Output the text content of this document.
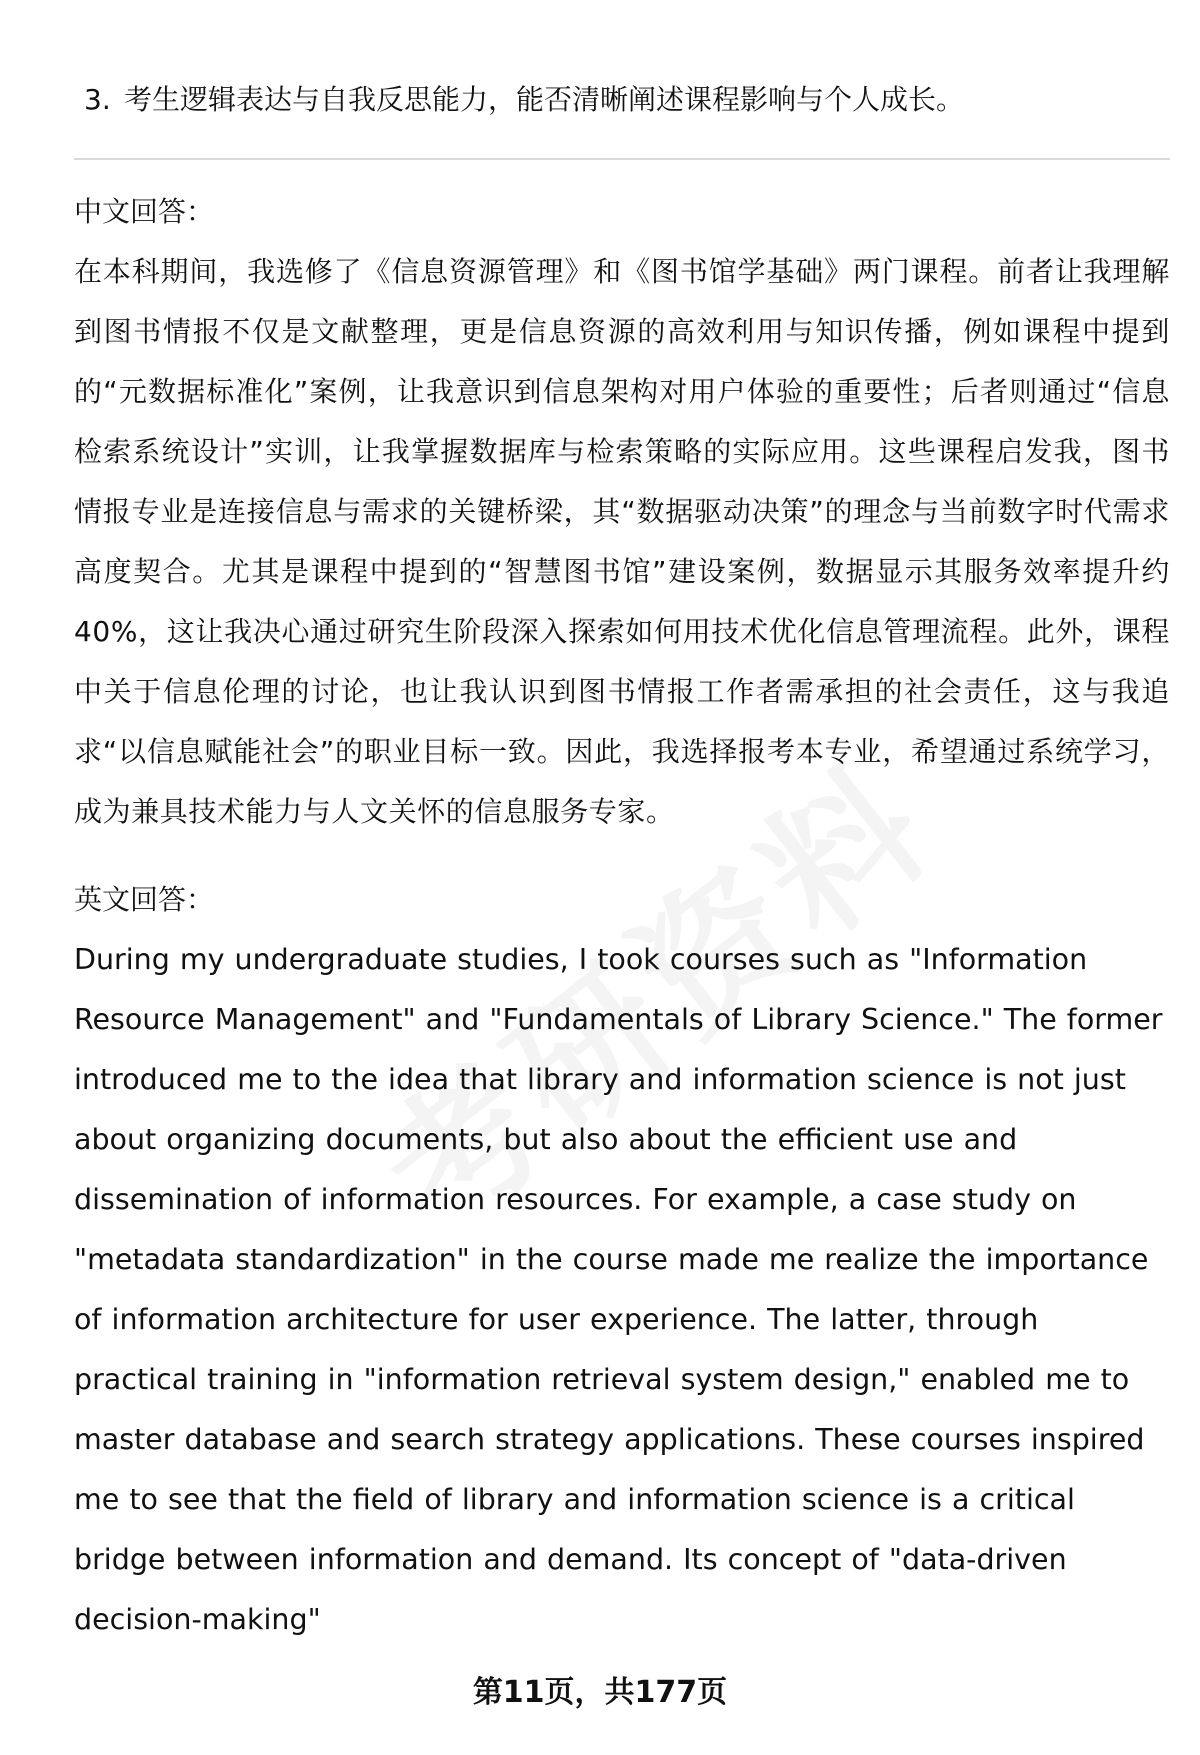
3. 考生逻辑表达与自我反思能力，能否清晰阐述课程影响与个人成长。
中文回答：
在本科期间，我选修了《信息资源管理》和《图书馆学基础》两门课程。前者让我理解到图书情报不仅是文献整理，更是信息资源的高效利用与知识传播，例如课程中提到的“元数据标准化”案例，让我意识到信息架构对用户体验的重要性；后者则通过“信息检索系统设计”实训，让我掌握数据库与检索策略的实际应用。这些课程启发我，图书情报专业是连接信息与需求的关键桥梁，其“数据驱动决策”的理念与当前数字时代需求高度契合。尤其是课程中提到的“智慧图书馆”建设案例，数据显示其服务效率提升约40%，这让我决心通过研究生阶段深入探索如何用技术优化信息管理流程。此外，课程中关于信息伦理的讨论，也让我认识到图书情报工作者需承担的社会责任，这与我追求“以信息赋能社会”的职业目标一致。因此，我选择报考本专业，希望通过系统学习，成为兼具技术能力与人文关怀的信息服务专家。
英文回答：
During my undergraduate studies, I took courses such as "Information Resource Management" and "Fundamentals of Library Science." The former introduced me to the idea that library and information science is not just about organizing documents, but also about the efficient use and dissemination of information resources. For example, a case study on "metadata standardization" in the course made me realize the importance of information architecture for user experience. The latter, through practical training in "information retrieval system design," enabled me to master database and search strategy applications. These courses inspired me to see that the field of library and information science is a critical bridge between information and demand. Its concept of "data-driven decision-making"
第11页，共177页
